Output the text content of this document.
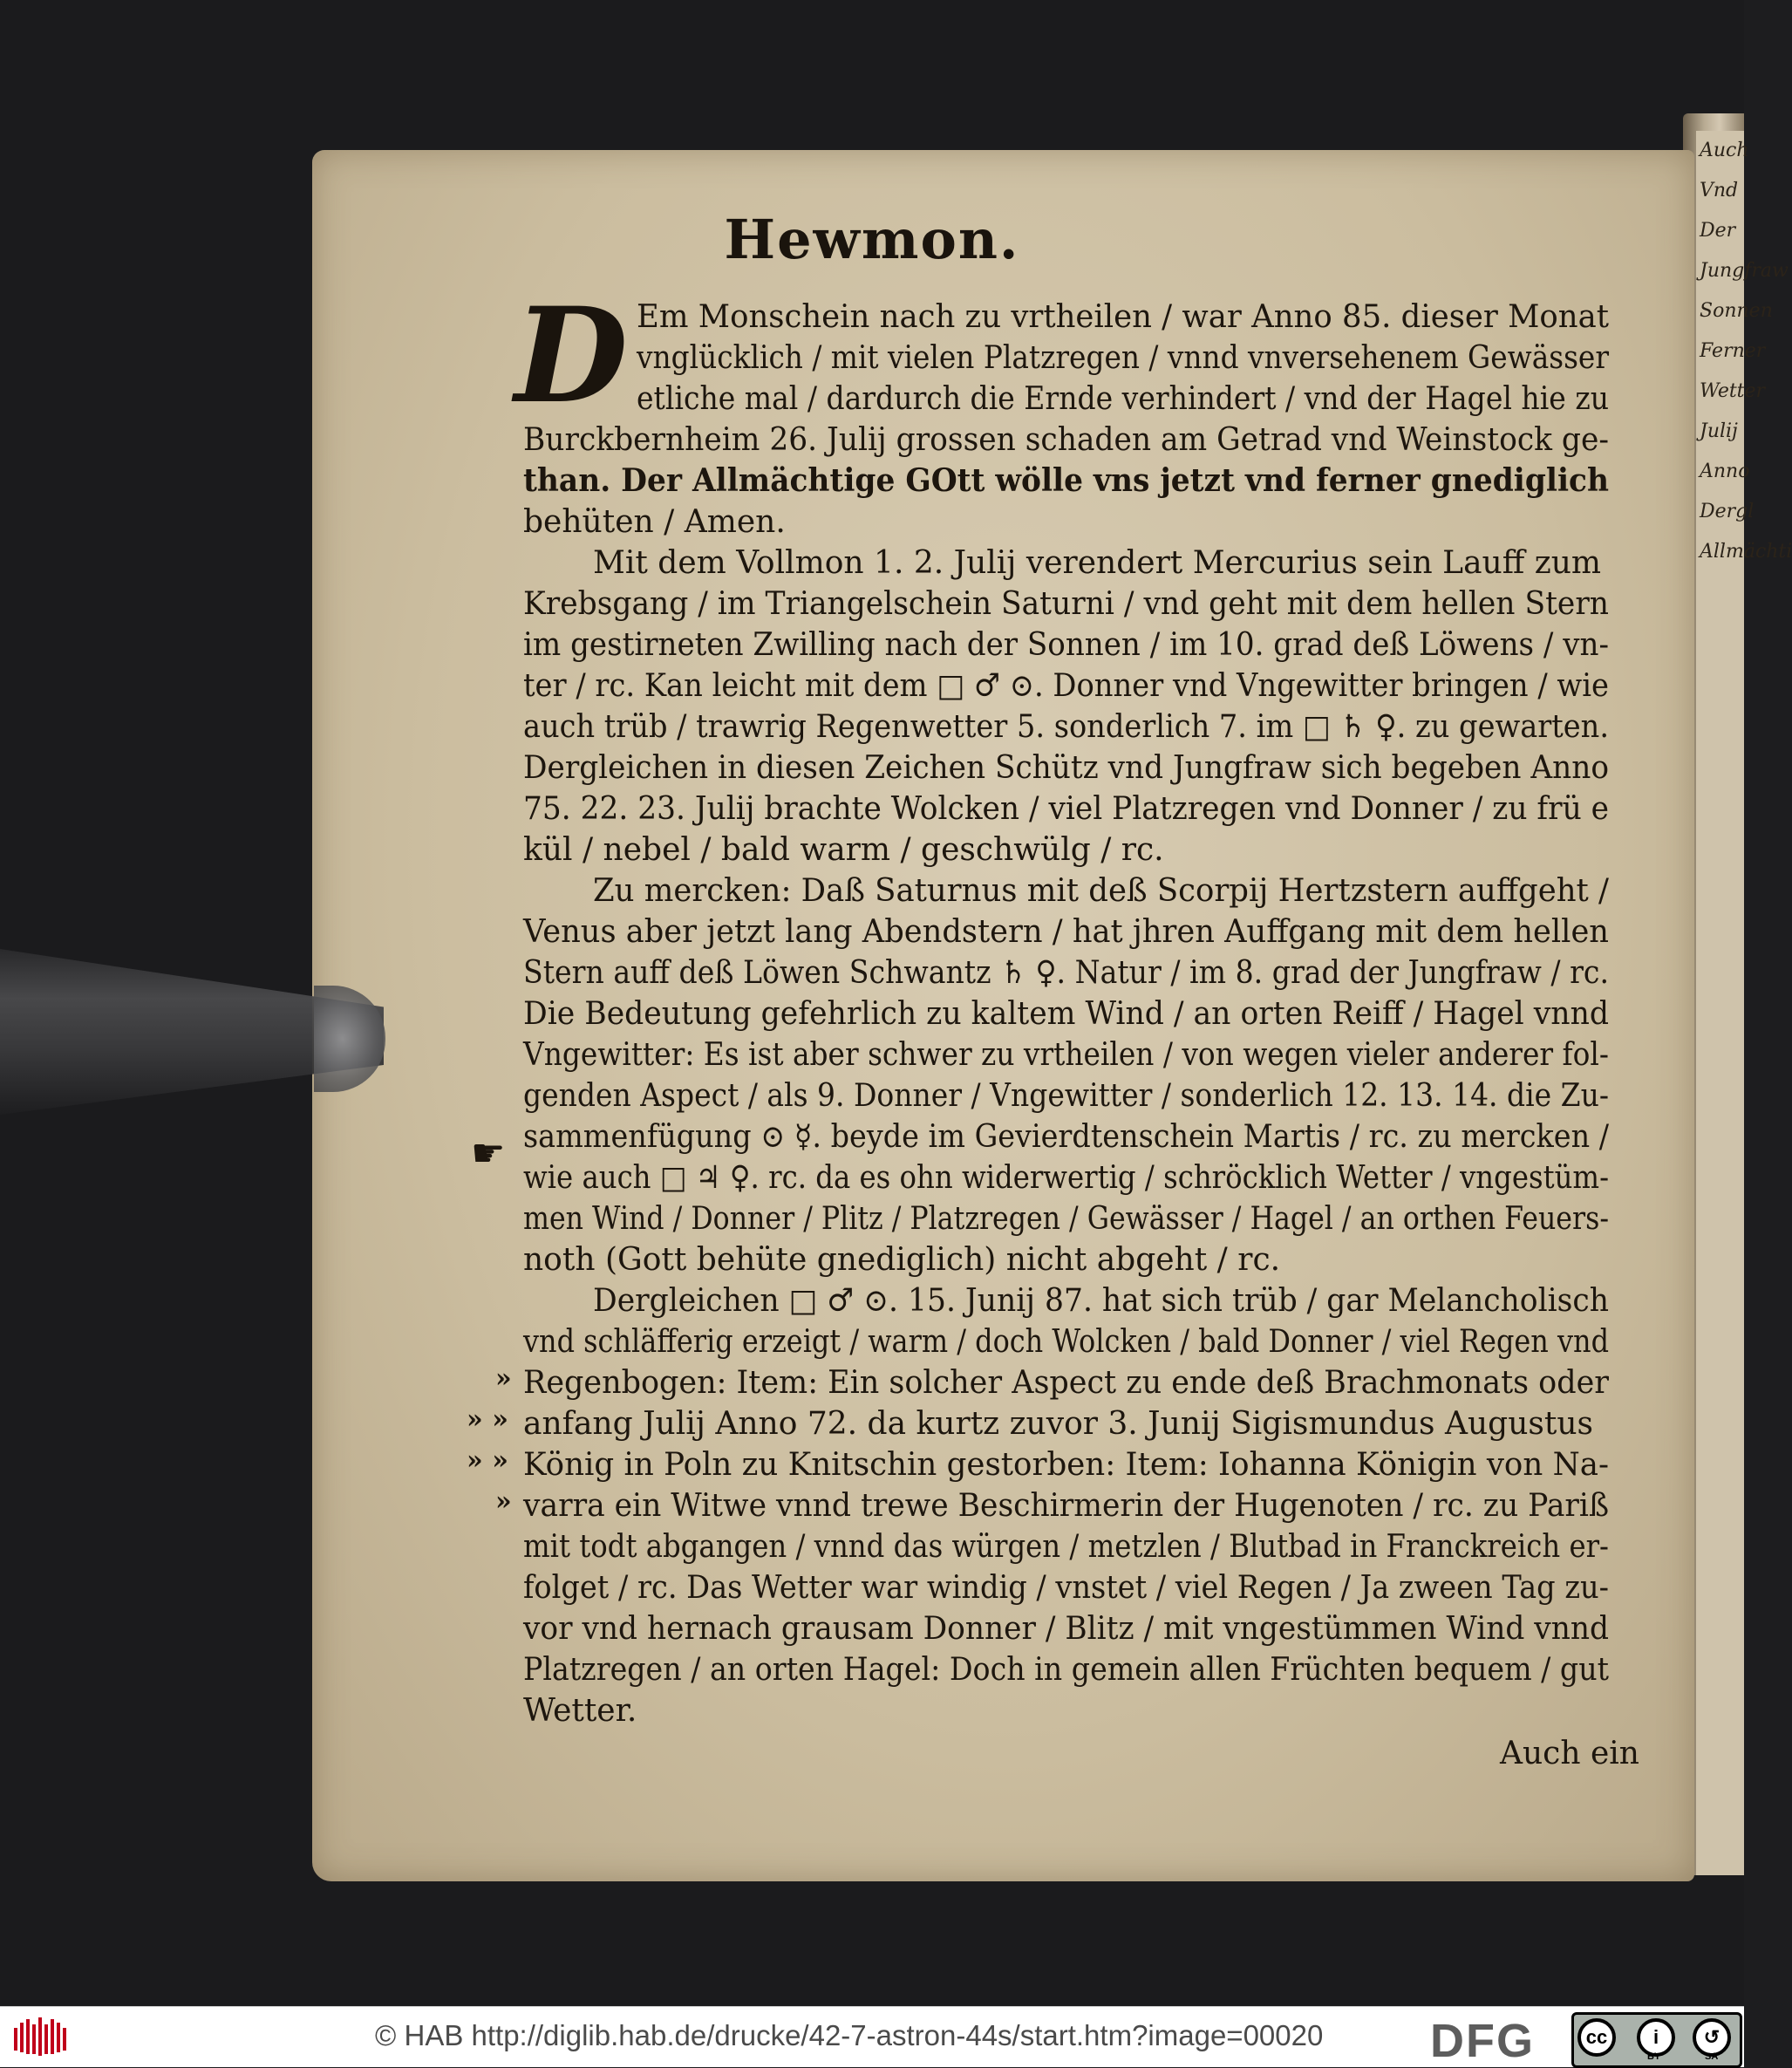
Auch
Vnd
Der
Jungfraw
Sonnen
Ferner
Wetter
Julij
Anno
Dergl
Allmächti
Hewmon.
D Em Monschein nach zu vrtheilen / war Anno 85. dieser Monat
vnglücklich / mit vielen Platzregen / vnnd vnversehenem Gewässer
etliche mal / dardurch die Ernde verhindert / vnd der Hagel hie zu
Burckbernheim 26. Julij grossen schaden am Getrad vnd Weinstock ge-
than. Der Allmächtige GOtt wölle vns jetzt vnd ferner gnediglich
behüten / Amen.
Mit dem Vollmon 1. 2. Julij verendert Mercurius sein Lauff zum
Krebsgang / im Triangelschein Saturni / vnd geht mit dem hellen Stern
im gestirneten Zwilling nach der Sonnen / im 10. grad deß Löwens / vn-
ter / rc. Kan leicht mit dem □ ♂ ⊙. Donner vnd Vngewitter bringen / wie
auch trüb / trawrig Regenwetter 5. sonderlich 7. im □ ♄ ♀. zu gewarten.
Dergleichen in diesen Zeichen Schütz vnd Jungfraw sich begeben Anno
75. 22. 23. Julij brachte Wolcken / viel Platzregen vnd Donner / zu frü e
kül / nebel / bald warm / geschwülg / rc.
Zu mercken: Daß Saturnus mit deß Scorpij Hertzstern auffgeht /
Venus aber jetzt lang Abendstern / hat jhren Auffgang mit dem hellen
Stern auff deß Löwen Schwantz ♄ ♀. Natur / im 8. grad der Jungfraw / rc.
Die Bedeutung gefehrlich zu kaltem Wind / an orten Reiff / Hagel vnnd
Vngewitter: Es ist aber schwer zu vrtheilen / von wegen vieler anderer fol-
genden Aspect / als 9. Donner / Vngewitter / sonderlich 12. 13. 14. die Zu-
sammenfügung ⊙ ☿. beyde im Gevierdtenschein Martis / rc. zu mercken /
wie auch □ ♃ ♀. rc. da es ohn widerwertig / schröcklich Wetter / vngestüm-
men Wind / Donner / Plitz / Platzregen / Gewässer / Hagel / an orthen Feuers-
noth (Gott behüte gnediglich) nicht abgeht / rc.
Dergleichen □ ♂ ⊙. 15. Junij 87. hat sich trüb / gar Melancholisch
vnd schläfferig erzeigt / warm / doch Wolcken / bald Donner / viel Regen vnd
Regenbogen: Item: Ein solcher Aspect zu ende deß Brachmonats oder
anfang Julij Anno 72. da kurtz zuvor 3. Junij Sigismundus Augustus
König in Poln zu Knitschin gestorben: Item: Iohanna Königin von Na-
varra ein Witwe vnnd trewe Beschirmerin der Hugenoten / rc. zu Pariß
mit todt abgangen / vnnd das würgen / metzlen / Blutbad in Franckreich er-
folget / rc. Das Wetter war windig / vnstet / viel Regen / Ja zween Tag zu-
vor vnd hernach grausam Donner / Blitz / mit vngestümmen Wind vnnd
Platzregen / an orten Hagel: Doch in gemein allen Früchten bequem / gut
Wetter.
☛
»
» »
» »
»
Auch ein
© HAB http://diglib.hab.de/drucke/42-7-astron-44s/start.htm?image=00020 DFG	cc	i	↺
BY	SA
